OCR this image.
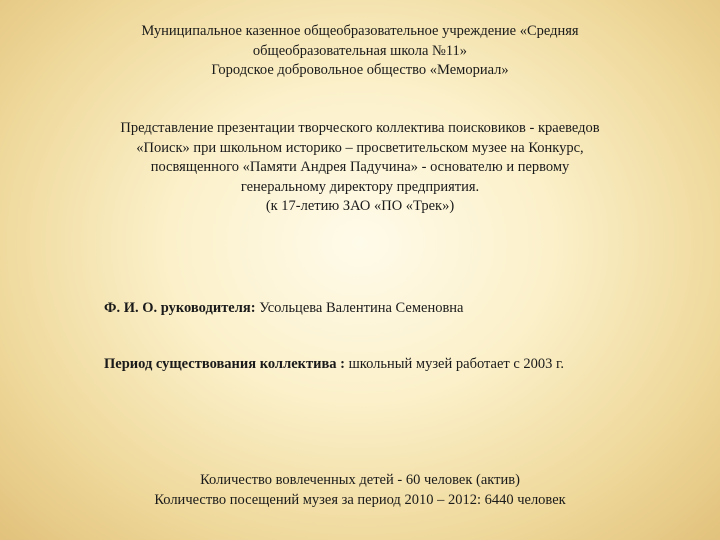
Муниципальное казенное общеобразовательное учреждение «Средняя
общеобразовательная школа №11»
Городское добровольное общество «Мемориал»
Представление презентации творческого коллектива поисковиков - краеведов
«Поиск» при школьном историко – просветительском музее на Конкурс,
посвященного «Памяти Андрея Падучина» - основателю и первому
генеральному директору предприятия.
(к 17-летию ЗАО «ПО «Трек»)
Ф. И. О. руководителя: Усольцева Валентина Семеновна
Период существования коллектива : школьный музей работает с 2003 г.
Количество вовлеченных детей - 60 человек (актив)
Количество посещений музея за период 2010 – 2012: 6440 человек
